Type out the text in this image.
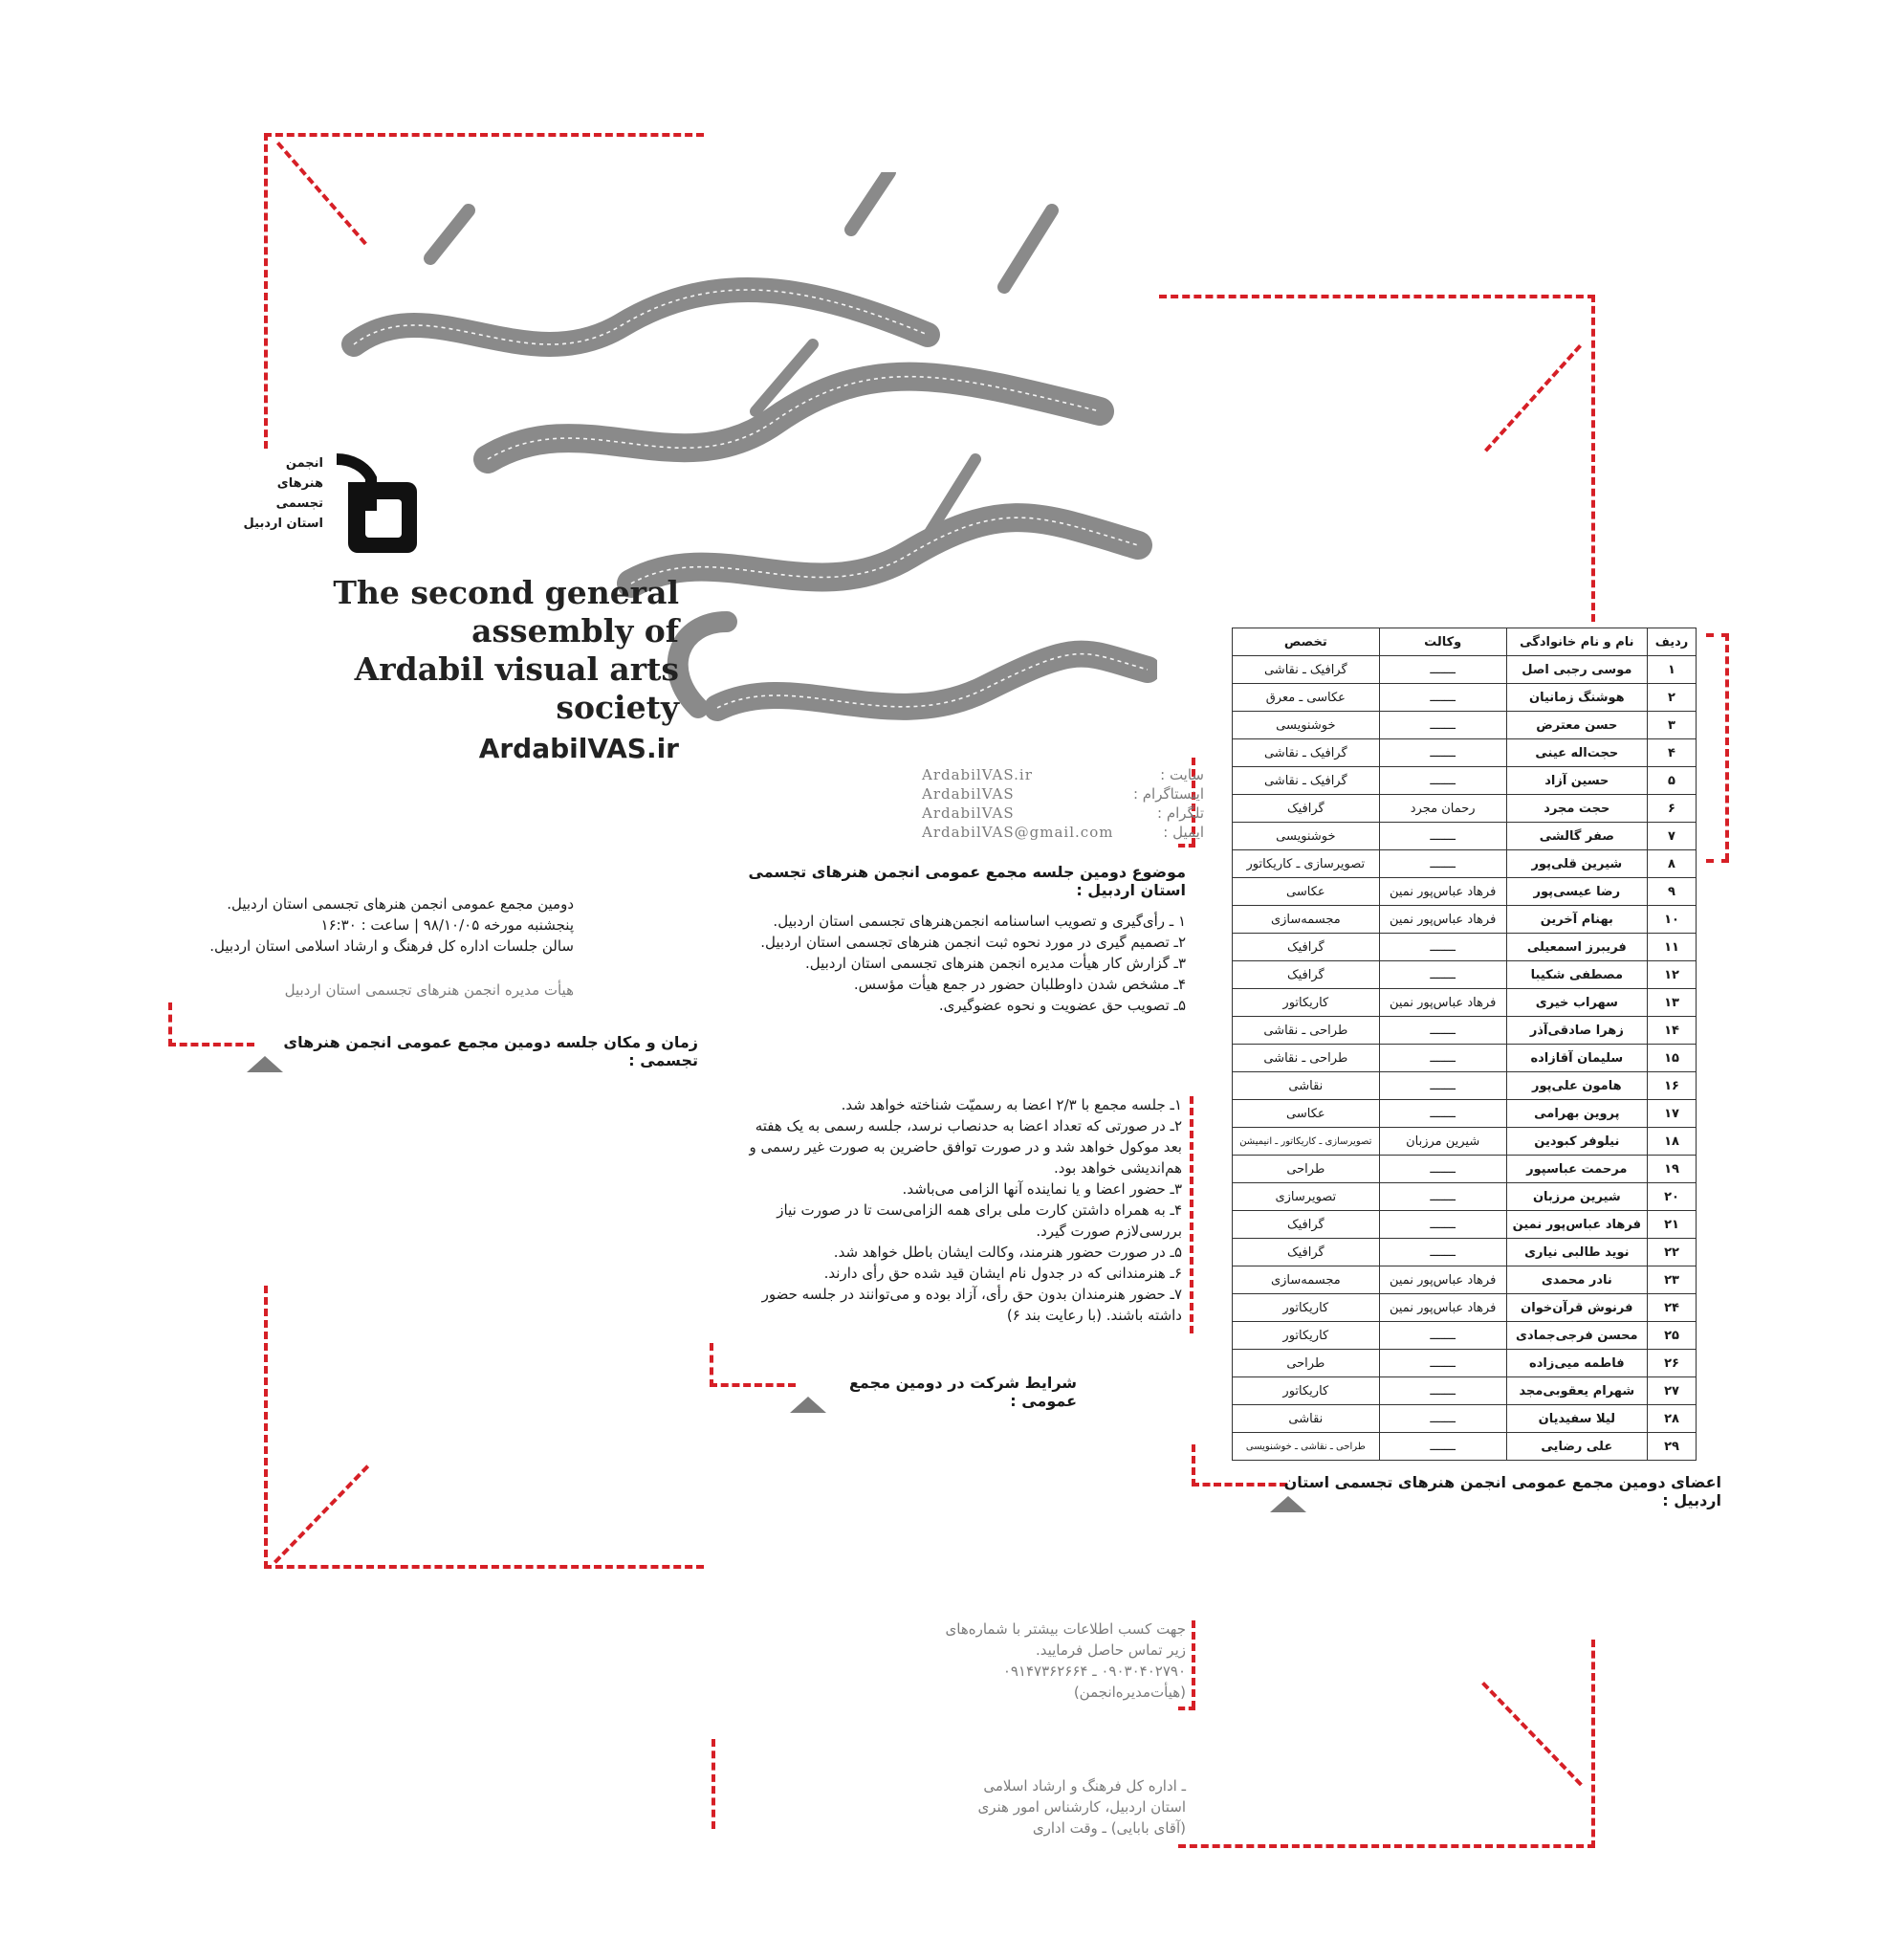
انجمن
هنرهای
تجسمی
استان اردبیل
The second general assembly of
Ardabil visual arts society
ArdabilVAS.ir
ArdabilVAS.ir	سایت :
ArdabilVAS	اینستاگرام :
ArdabilVAS	تلگرام :
ArdabilVAS@gmail.com	ایمیل :
موضوع دومین جلسه مجمع عمومی انجمن هنرهای تجسمی استان اردبیل :
۱ ـ رأی‌گیری و تصویب اساسنامه انجمن‌هنرهای تجسمی استان اردبیل.
۲ـ تصمیم گیری در مورد نحوه ثبت انجمن هنرهای تجسمی استان اردبیل.
۳ـ گزارش کار هیأت مدیره انجمن هنرهای تجسمی استان اردبیل.
۴ـ مشخص شدن داوطلبان حضور در جمع هیأت مؤسس.
۵ـ تصویب حق عضویت و نحوه عضوگیری.
دومین مجمع عمومی انجمن هنرهای تجسمی استان اردبیل.
پنجشنبه مورخه ۹۸/۱۰/۰۵ | ساعت : ۱۶:۳۰
سالن جلسات اداره کل فرهنگ و ارشاد اسلامی استان اردبیل.
هیأت مدیره انجمن هنرهای تجسمی استان اردبیل
زمان و مکان جلسه دومین مجمع عمومی انجمن هنرهای تجسمی :
۱ـ جلسه مجمع با ۲/۳ اعضا به رسمیّت شناخته خواهد شد.
۲ـ در صورتی که تعداد اعضا به حدنصاب نرسد، جلسه رسمی به یک هفته بعد موکول خواهد شد و در صورت توافق حاضرین به صورت غیر رسمی و هم‌اندیشی خواهد بود.
۳ـ حضور اعضا و یا نماینده آنها الزامی می‌باشد.
۴ـ به همراه داشتن کارت ملی برای همه الزامی‌ست تا در صورت نیاز بررسی‌لازم صورت گیرد.
۵ـ در صورت حضور هنرمند، وکالت ایشان باطل خواهد شد.
۶ـ هنرمندانی که در جدول نام ایشان قید شده حق رأی دارند.
۷ـ حضور هنرمندان بدون حق رأی، آزاد بوده و می‌توانند در جلسه حضور داشته باشند. (با رعایت بند ۶)
شرایط شرکت در دومین مجمع عمومی :
ردیف	نام و نام خانوادگی	وکالت	تخصص
۱	موسی رجبی اصل	ـــــــ	گرافیک ـ نقاشی
۲	هوشنگ زمانیان	ـــــــ	عکاسی ـ معرق
۳	حسن معترض	ـــــــ	خوشنویسی
۴	حجت‌اله عینی	ـــــــ	گرافیک ـ نقاشی
۵	حسین آزاد	ـــــــ	گرافیک ـ نقاشی
۶	حجت مجرد	رحمان مجرد	گرافیک
۷	صفر گالشی	ـــــــ	خوشنویسی
۸	شیرین قلی‌پور	ـــــــ	تصویرسازی ـ کاریکاتور
۹	رضا عیسی‌پور	فرهاد عباس‌پور نمین	عکاسی
۱۰	بهنام آخرین	فرهاد عباس‌پور نمین	مجسمه‌سازی
۱۱	فریبرز اسمعیلی	ـــــــ	گرافیک
۱۲	مصطفی شکیبا	ـــــــ	گرافیک
۱۳	سهراب خیری	فرهاد عباس‌پور نمین	کاریکاتور
۱۴	زهرا صادقی‌آذر	ـــــــ	طراحی ـ نقاشی
۱۵	سلیمان آقازاده	ـــــــ	طراحی ـ نقاشی
۱۶	هامون علی‌پور	ـــــــ	نقاشی
۱۷	پروین بهرامی	ـــــــ	عکاسی
۱۸	نیلوفر کبودین	شیرین مرزبان	تصویرسازی ـ کاریکاتور ـ انیمیشن
۱۹	مرحمت عباسپور	ـــــــ	طراحی
۲۰	شیرین مرزبان	ـــــــ	تصویرسازی
۲۱	فرهاد عباس‌پور نمین	ـــــــ	گرافیک
۲۲	نوید طالبی نیاری	ـــــــ	گرافیک
۲۳	نادر محمدی	فرهاد عباس‌پور نمین	مجسمه‌سازی
۲۴	فرنوش قرآن‌خوان	فرهاد عباس‌پور نمین	کاریکاتور
۲۵	محسن فرجی‌جمادی	ـــــــ	کاریکاتور
۲۶	فاطمه میی‌زاده	ـــــــ	طراحی
۲۷	شهرام یعقوبی‌مجد	ـــــــ	کاریکاتور
۲۸	لیلا سفیدیان	ـــــــ	نقاشی
۲۹	علی رضایی	ـــــــ	طراحی ـ نقاشی ـ خوشنویسی
اعضای دومین مجمع عمومی انجمن هنرهای تجسمی استان اردبیل :
جهت کسب اطلاعات بیشتر با شماره‌های
زیر تماس حاصل فرمایید.
۰۹۰۳۰۴۰۲۷۹۰ ـ ۰۹۱۴۷۳۶۲۶۶۴
(هیأت‌مدیره‌انجمن)
ـ اداره کل فرهنگ و ارشاد اسلامی
استان اردبیل، کارشناس امور هنری
(آقای بابایی) ـ وقت اداری
